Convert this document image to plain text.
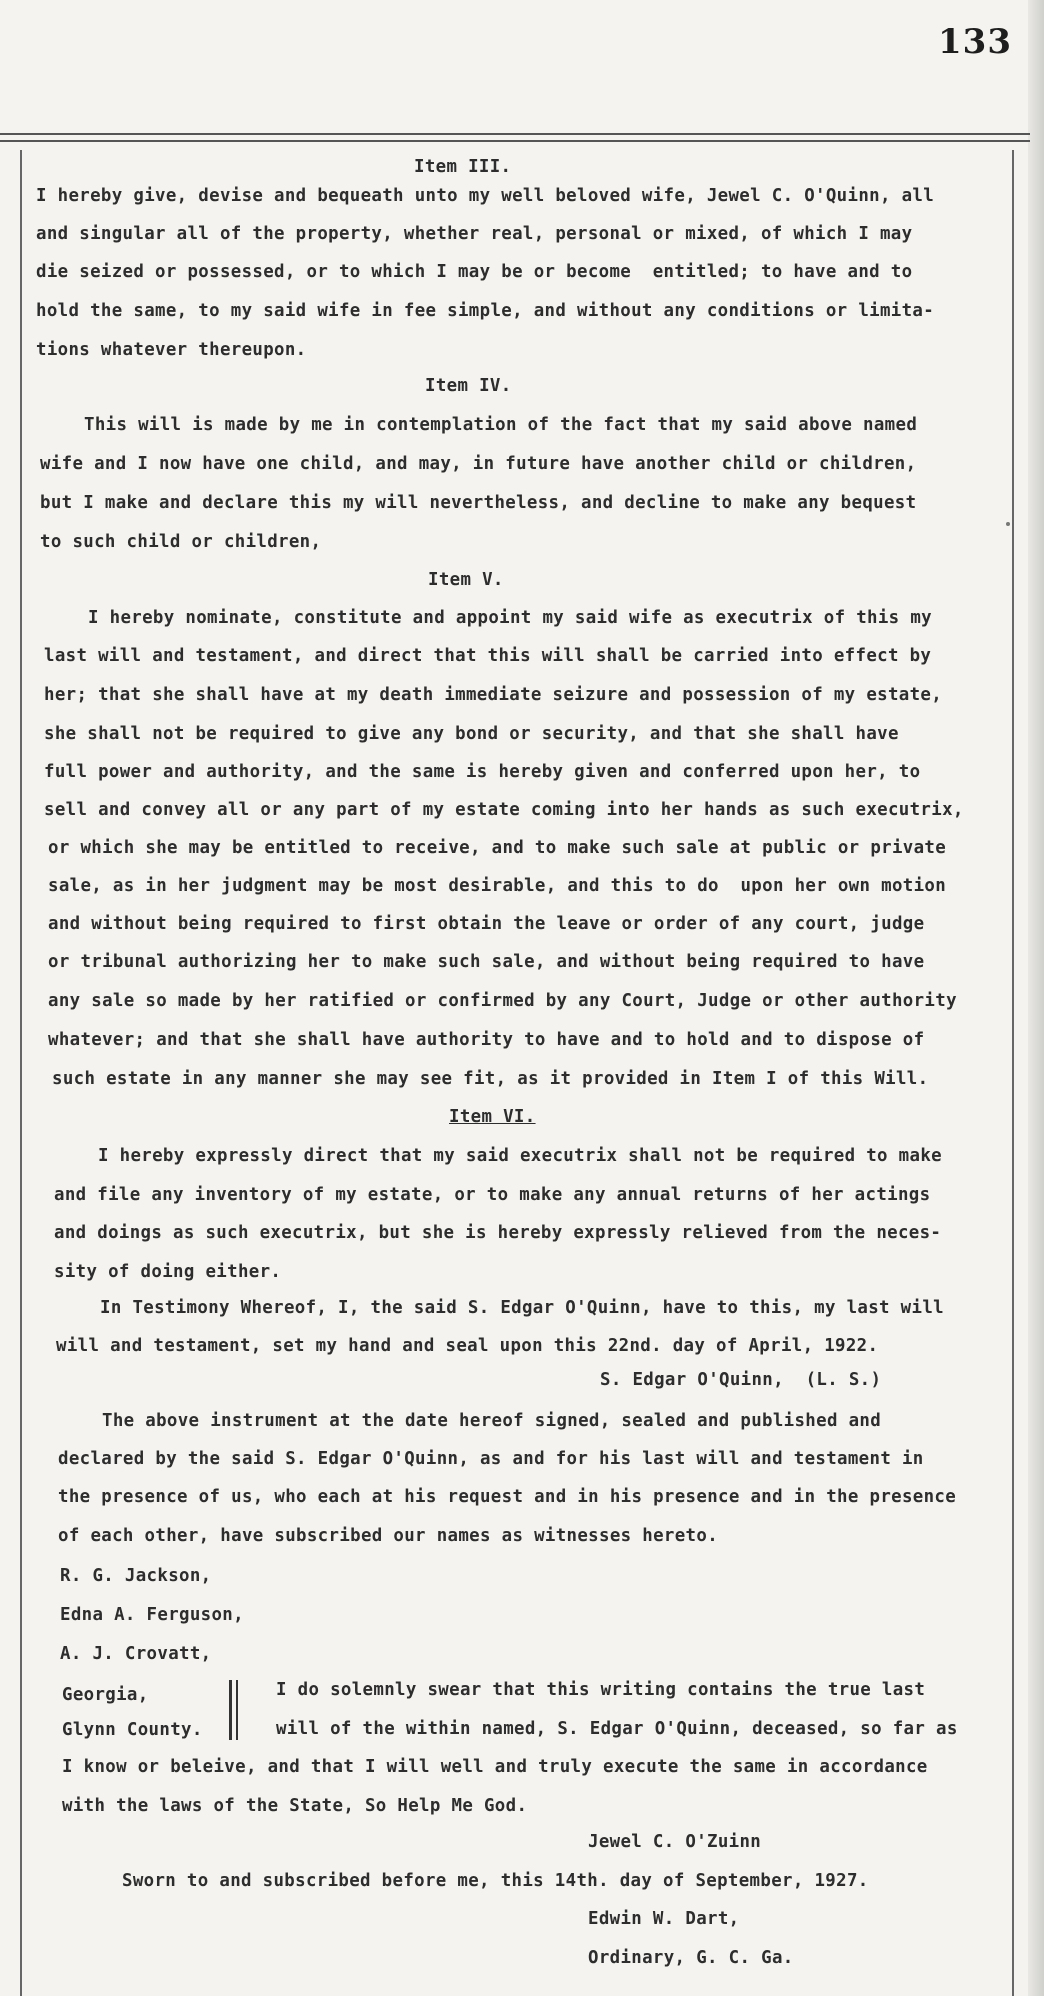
133
Item III.
I hereby give, devise and bequeath unto my well beloved wife, Jewel C. O'Quinn, all
and singular all of the property, whether real, personal or mixed, of which I may
die seized or possessed, or to which I may be or become  entitled; to have and to
hold the same, to my said wife in fee simple, and without any conditions or limita-
tions whatever thereupon.
Item IV.
This will is made by me in contemplation of the fact that my said above named
wife and I now have one child, and may, in future have another child or children,
but I make and declare this my will nevertheless, and decline to make any bequest
to such child or children,
Item V.
I hereby nominate, constitute and appoint my said wife as executrix of this my
last will and testament, and direct that this will shall be carried into effect by
her; that she shall have at my death immediate seizure and possession of my estate,
she shall not be required to give any bond or security, and that she shall have
full power and authority, and the same is hereby given and conferred upon her, to
sell and convey all or any part of my estate coming into her hands as such executrix,
or which she may be entitled to receive, and to make such sale at public or private
sale, as in her judgment may be most desirable, and this to do  upon her own motion
and without being required to first obtain the leave or order of any court, judge
or tribunal authorizing her to make such sale, and without being required to have
any sale so made by her ratified or confirmed by any Court, Judge or other authority
whatever; and that she shall have authority to have and to hold and to dispose of
such estate in any manner she may see fit, as it provided in Item I of this Will.
Item VI.
I hereby expressly direct that my said executrix shall not be required to make
and file any inventory of my estate, or to make any annual returns of her actings
and doings as such executrix, but she is hereby expressly relieved from the neces-
sity of doing either.
In Testimony Whereof, I, the said S. Edgar O'Quinn, have to this, my last will
will and testament, set my hand and seal upon this 22nd. day of April, 1922.
S. Edgar O'Quinn,  (L. S.)
The above instrument at the date hereof signed, sealed and published and
declared by the said S. Edgar O'Quinn, as and for his last will and testament in
the presence of us, who each at his request and in his presence and in the presence
of each other, have subscribed our names as witnesses hereto.
R. G. Jackson,
Edna A. Ferguson,
A. J. Crovatt,
Georgia,
Glynn County.
I do solemnly swear that this writing contains the true last
will of the within named, S. Edgar O'Quinn, deceased, so far as
I know or beleive, and that I will well and truly execute the same in accordance
with the laws of the State, So Help Me God.
Jewel C. O'Zuinn
Sworn to and subscribed before me, this 14th. day of September, 1927.
Edwin W. Dart,
Ordinary, G. C. Ga.
